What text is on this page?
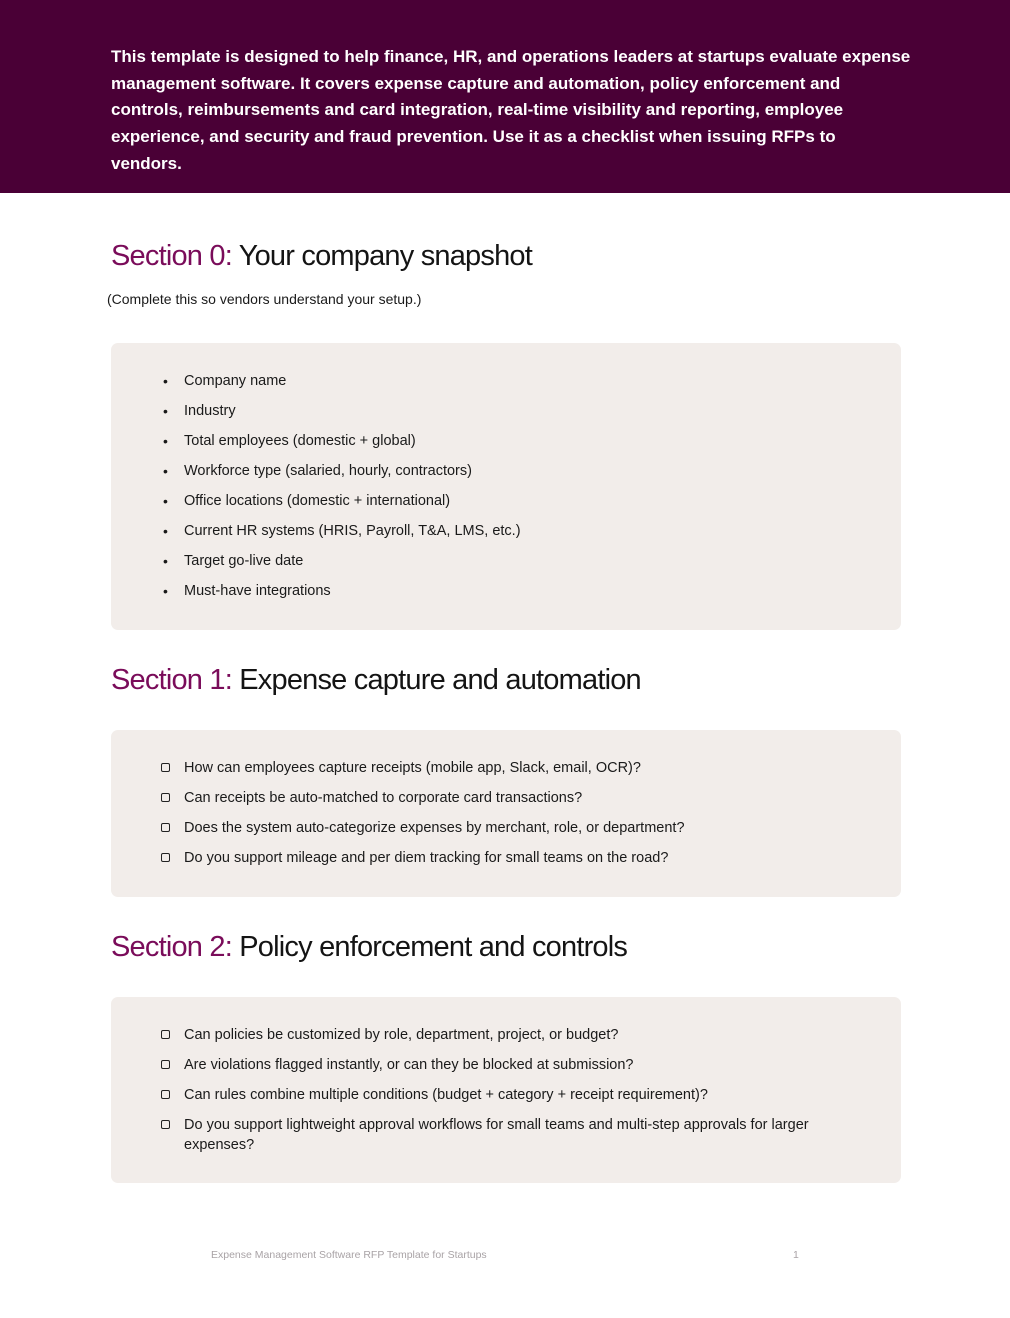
This template is designed to help finance, HR, and operations leaders at startups evaluate expense management software. It covers expense capture and automation, policy enforcement and controls, reimbursements and card integration, real-time visibility and reporting, employee experience, and security and fraud prevention. Use it as a checklist when issuing RFPs to vendors.

Section 0: Your company snapshot

(Complete this so vendors understand your setup.)

• Company name
• Industry
• Total employees (domestic + global)
• Workforce type (salaried, hourly, contractors)
• Office locations (domestic + international)
• Current HR systems (HRIS, Payroll, T&A, LMS, etc.)
• Target go-live date
• Must-have integrations
Section 1: Expense capture and automation
How can employees capture receipts (mobile app, Slack, email, OCR)?
Can receipts be auto-matched to corporate card transactions?
Does the system auto-categorize expenses by merchant, role, or department?
Do you support mileage and per diem tracking for small teams on the road?
Section 2: Policy enforcement and controls
Can policies be customized by role, department, project, or budget?
Are violations flagged instantly, or can they be blocked at submission?
Can rules combine multiple conditions (budget + category + receipt requirement)?
Do you support lightweight approval workflows for small teams and multi-step approvals for larger expenses?

Expense Management Software RFP Template for Startups	1
